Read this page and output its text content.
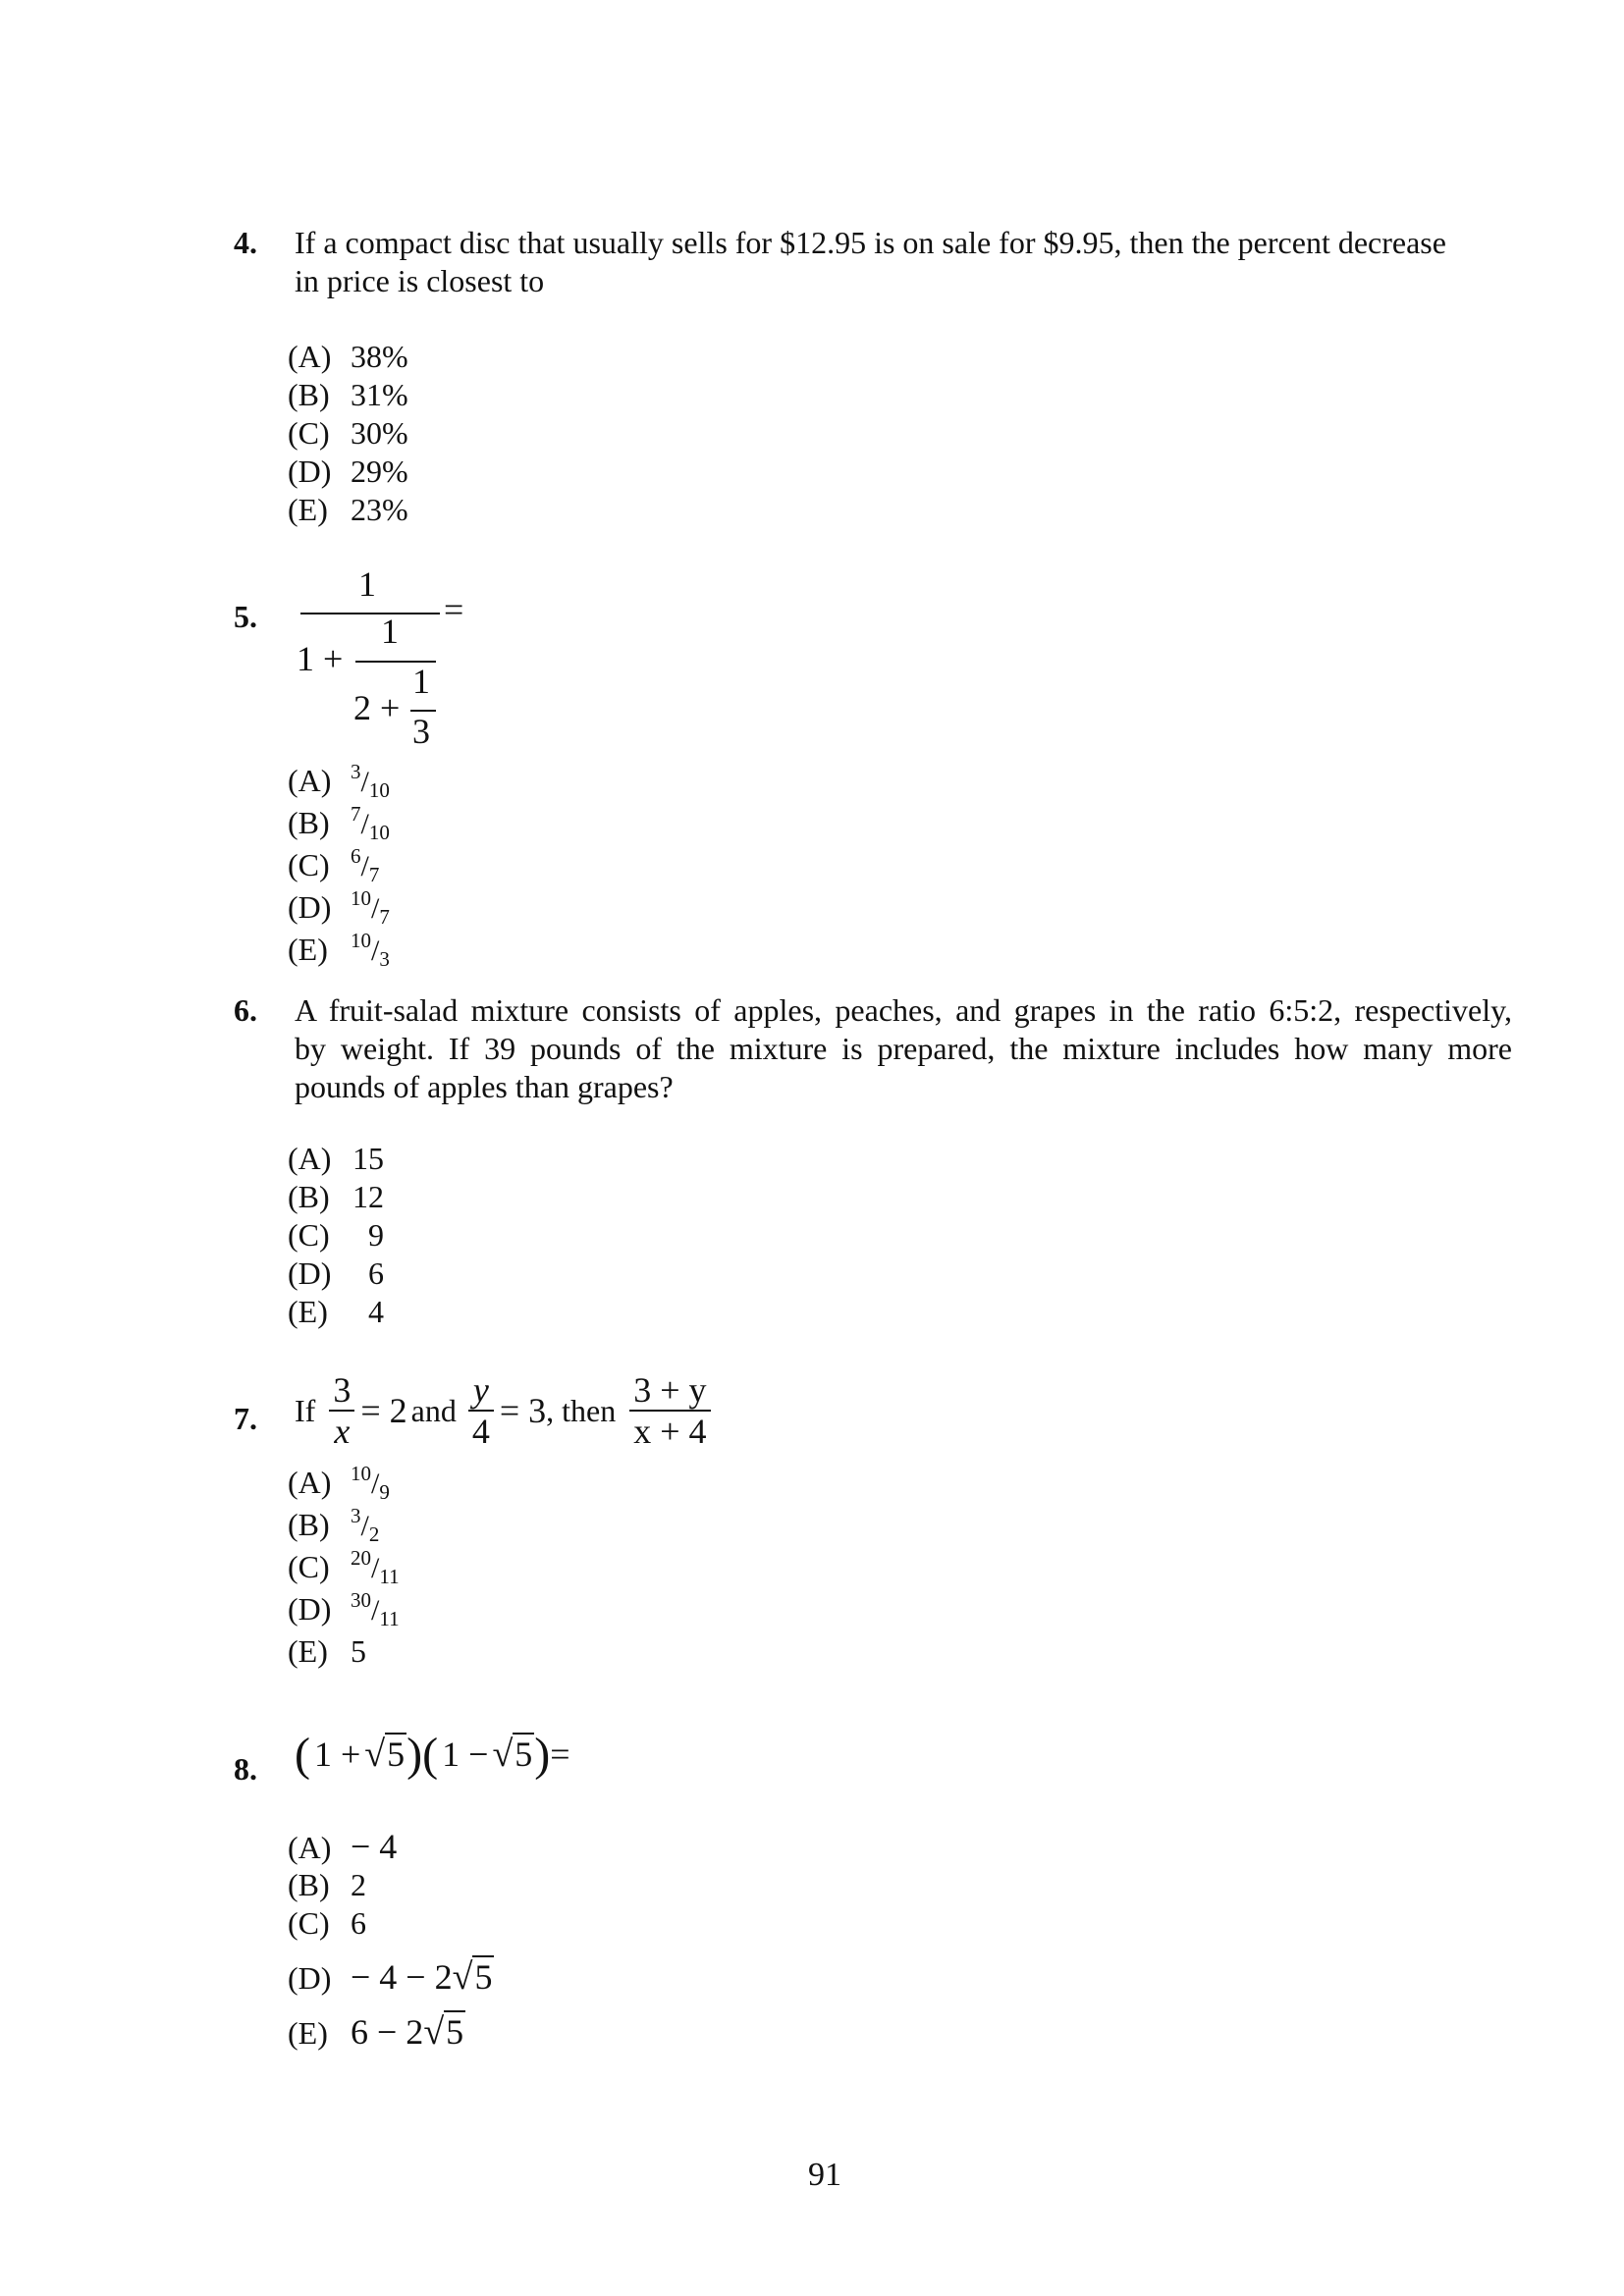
4. If a compact disc that usually sells for $12.95 is on sale for $9.95, then the percent decrease
in price is closest to
(A) 38%
(B) 31%
(C) 30%
(D) 29%
(E) 23%
5.
1
=
1
1 +
1
2 +
3
(A) $^3$/10
(B) $^7$/10
(C) $^6$/7
(D) $^{10}$/7
(E) $^{10}$/3
6. A fruit-salad mixture consists of apples, peaches, and grapes in the ratio 6:5:2, respectively,
by weight. If 39 pounds of the mixture is prepared, the mixture includes how many more
pounds of apples than grapes?
(A) 15
(B) 12
(C) 9
(D) 6
(E) 4
7. If $\frac{3}{x} = 2$ and $\frac{y}{4} = 3$ , then $\frac{3 + y}{x + 4}$
(A) $^{10}$/9
(B) $^3$/2
(C) $^{20}$/11
(D) $^{30}$/11
(E) 5
8. ( 1 + √5 )( 1 − √5 ) =
(A) − 4
(B) 2
(C) 6
(D) − 4 − 2√5
(E) 6 − 2√5
91
